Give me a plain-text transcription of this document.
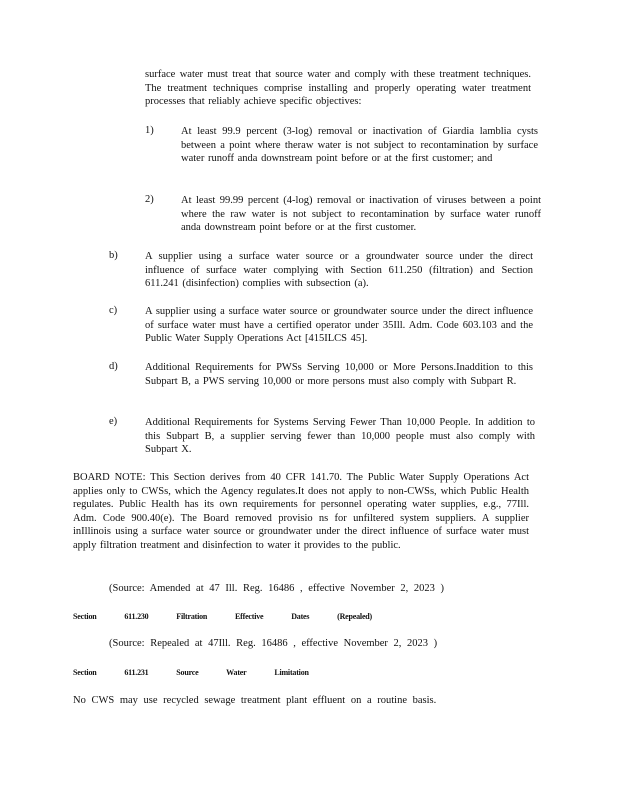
surface water must treat that source water and comply with these treatment techniques. The treatment techniques comprise installing and properly operating water treatment processes that reliably achieve specific objectives:
1)	At least 99.9 percent (3-log) removal or inactivation of Giardia lamblia cysts between a point where theraw water is not subject to recontamination by surface water runoff anda downstream point before or at the first customer; and
2)	At least 99.99 percent (4-log) removal or inactivation of viruses between a point where the raw water is not subject to recontamination by surface water runoff anda downstream point before or at the first customer.
b)	A supplier using a surface water source or a groundwater source under the direct influence of surface water complying with Section 611.250 (filtration) and Section 611.241 (disinfection) complies with subsection (a).
c)	A supplier using a surface water source or groundwater source under the direct influence of surface water must have a certified operator under 35Ill. Adm. Code 603.103 and the Public Water Supply Operations Act [415ILCS 45].
d)	Additional Requirements for PWSs Serving 10,000 or More Persons.Inaddition to this Subpart B, a PWS serving 10,000 or more persons must also comply with Subpart R.
e)	Additional Requirements for Systems Serving Fewer Than 10,000 People. In addition to this Subpart B, a supplier serving fewer than 10,000 people must also comply with Subpart X.
BOARD NOTE: This Section derives from 40 CFR 141.70. The Public Water Supply Operations Act applies only to CWSs, which the Agency regulates.It does not apply to non-CWSs, which Public Health regulates. Public Health has its own requirements for personnel operating water supplies, e.g., 77Ill. Adm. Code 900.40(e). The Board removed provisio ns for unfiltered system suppliers. A supplier inIllinois using a surface water source or groundwater under the direct influence of surface water must apply filtration treatment and disinfection to water it provides to the public.
(Source: Amended at 47 Ill. Reg. 16486 , effective November 2, 2023 )
Section	611.230	Filtration	Effective	Dates	(Repealed)
(Source: Repealed at 47Ill. Reg. 16486 , effective November 2, 2023 )
Section	611.231	Source	Water	Limitation
No CWS may use recycled sewage treatment plant effluent on a routine basis.
